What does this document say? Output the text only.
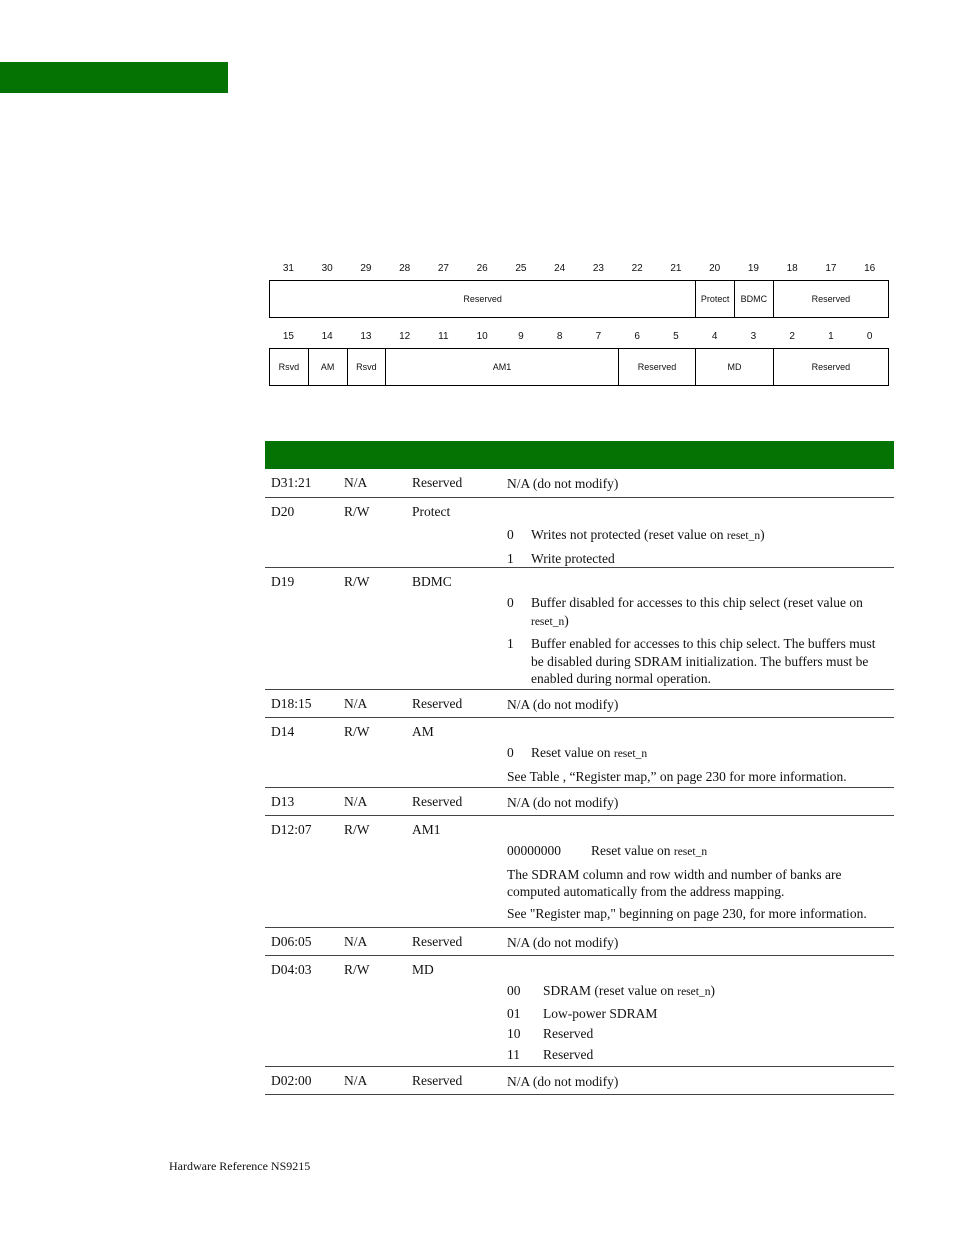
31	30	29	28	27	26	25	24	23	22	21	20	19	18	17	16
Reserved	Protect	BDMC	Reserved
15	14	13	12	11	10	9	8	7	6	5	4	3	2	1	0
Rsvd	AM	Rsvd	AM1	Reserved	MD	Reserved
D31:21 N/A	Reserved	N/A (do not modify)
D20	R/W	Protect
0 Writes not protected (reset value on reset_n)
1 Write protected
D19	R/W	BDMC
0 Buffer disabled for accesses to this chip select (reset value on
reset_n)
1 Buffer enabled for accesses to this chip select. The buffers must be disabled during SDRAM initialization. The buffers must be enabled during normal operation.
D18:15 N/A	Reserved	N/A (do not modify)
D14	R/W	AM
0 Reset value on reset_n
See Table , “Register map,” on page 230 for more information.
D13	N/A	Reserved	N/A (do not modify)
D12:07 R/W	AM1
00000000 Reset value on reset_n
The SDRAM column and row width and number of banks are computed automatically from the address mapping.
See "Register map," beginning on page 230, for more information.
D06:05 N/A	Reserved	N/A (do not modify)
D04:03 R/W	MD
00 SDRAM (reset value on reset_n)
01 Low-power SDRAM
10 Reserved
11 Reserved
D02:00 N/A	Reserved	N/A (do not modify)
Hardware Reference NS9215
